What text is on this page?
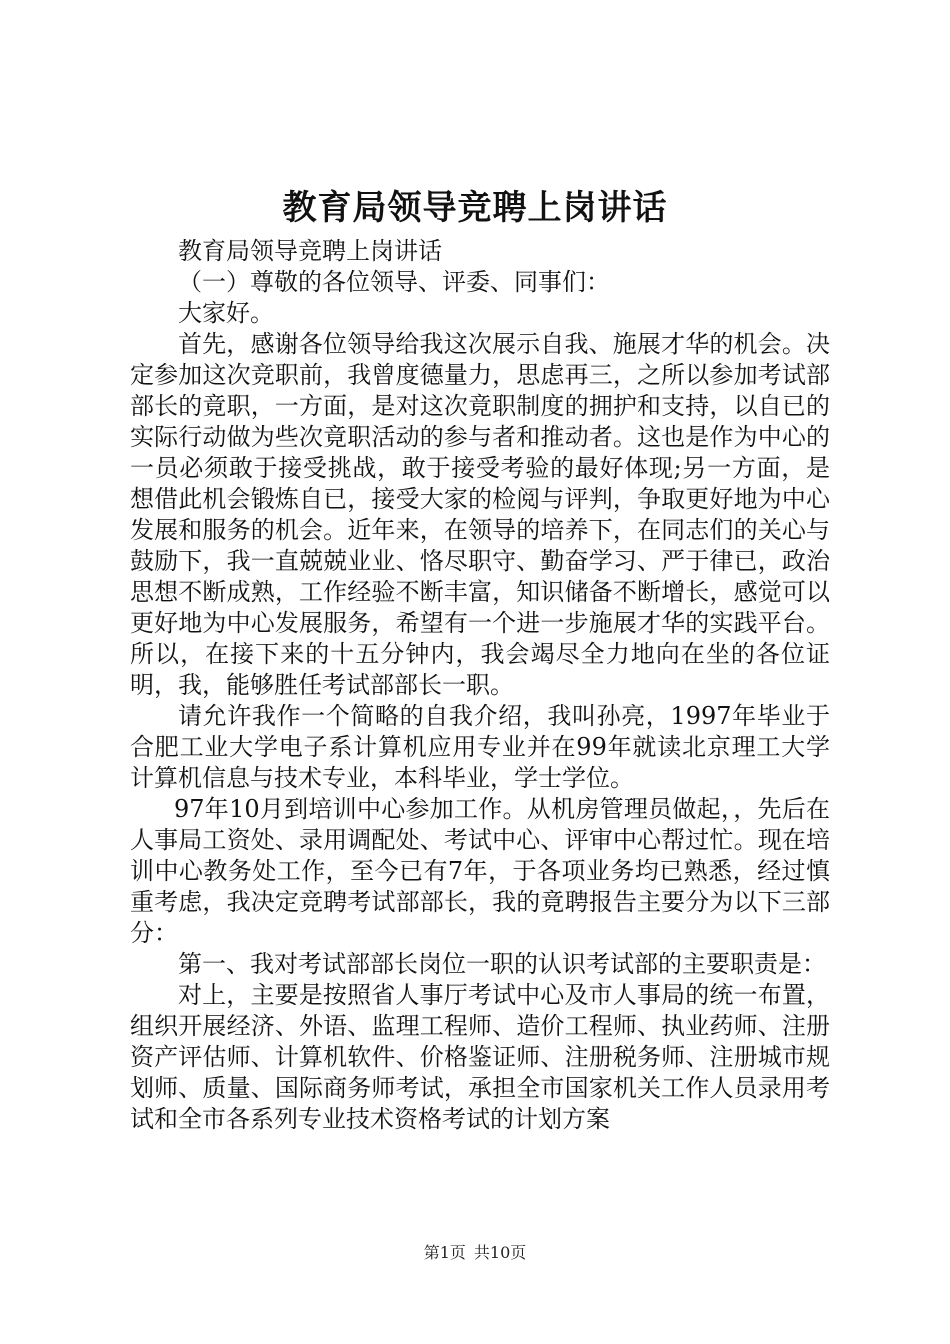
教育局领导竞聘上岗讲话

教育局领导竞聘上岗讲话

（一）尊敬的各位领导、评委、同事们：

大家好。

首先，感谢各位领导给我这次展示自我、施展才华的机会。决定参加这次竞职前，我曾度德量力，思虑再三，之所以参加考试部部长的竟职，一方面，是对这次竟职制度的拥护和支持，以自已的实际行动做为些次竟职活动的参与者和推动者。这也是作为中心的一员必须敢于接受挑战，敢于接受考验的最好体现;另一方面，是想借此机会锻炼自已，接受大家的检阅与评判，争取更好地为中心发展和服务的机会。近年来，在领导的培养下，在同志们的关心与鼓励下，我一直兢兢业业、恪尽职守、勤奋学习、严于律已，政治思想不断成熟，工作经验不断丰富，知识储备不断增长，感觉可以更好地为中心发展服务，希望有一个进一步施展才华的实践平台。所以，在接下来的十五分钟内，我会竭尽全力地向在坐的各位证明，我，能够胜任考试部部长一职。

请允许我作一个简略的自我介绍，我叫孙亮，1997年毕业于合肥工业大学电子系计算机应用专业并在99年就读北京理工大学计算机信息与技术专业，本科毕业，学士学位。

97年10月到培训中心参加工作。从机房管理员做起，，先后在人事局工资处、录用调配处、考试中心、评审中心帮过忙。现在培训中心教务处工作，至今已有7年，于各项业务均已熟悉，经过慎重考虑，我决定竞聘考试部部长，我的竟聘报告主要分为以下三部分：

第一、我对考试部部长岗位一职的认识考试部的主要职责是：

对上，主要是按照省人事厅考试中心及市人事局的统一布置，组织开展经济、外语、监理工程师、造价工程师、执业药师、注册资产评估师、计算机软件、价格鉴证师、注册税务师、注册城市规划师、质量、国际商务师考试，承担全市国家机关工作人员录用考试和全市各系列专业技术资格考试的计划方案

第1页 共10页
